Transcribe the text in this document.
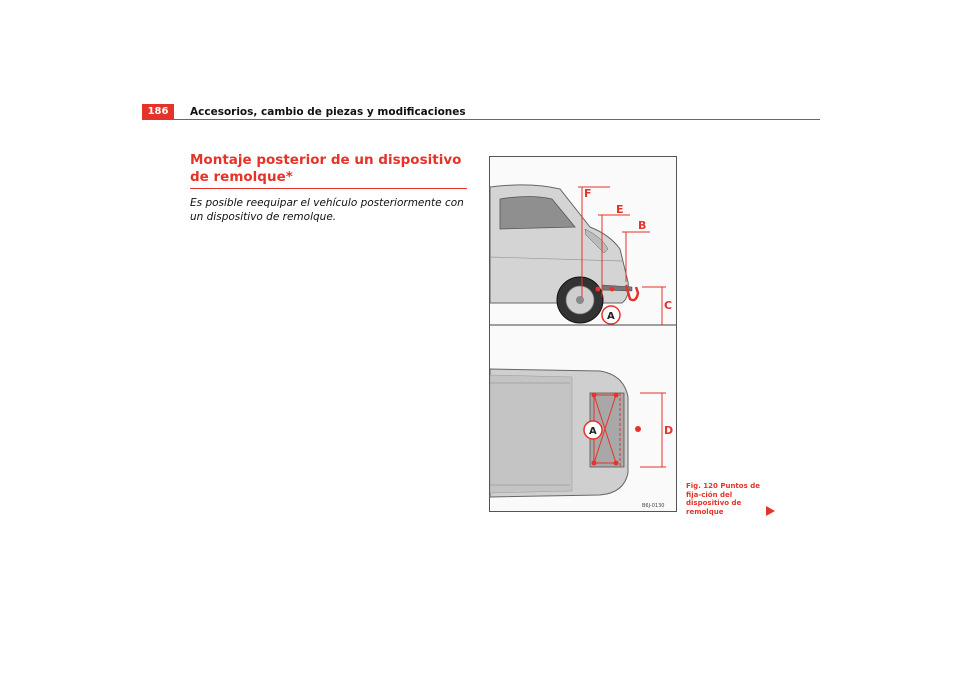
186	Accesorios, cambio de piezas y modificaciones
Montaje posterior de un dispositivo de remolque*

Es posible reequipar el vehículo posteriormente con un dispositivo de remolque.

F
E
B
C
A
D
A
B6J-0130
Fig. 120 Puntos de fija-ción del dispositivo de remolque
